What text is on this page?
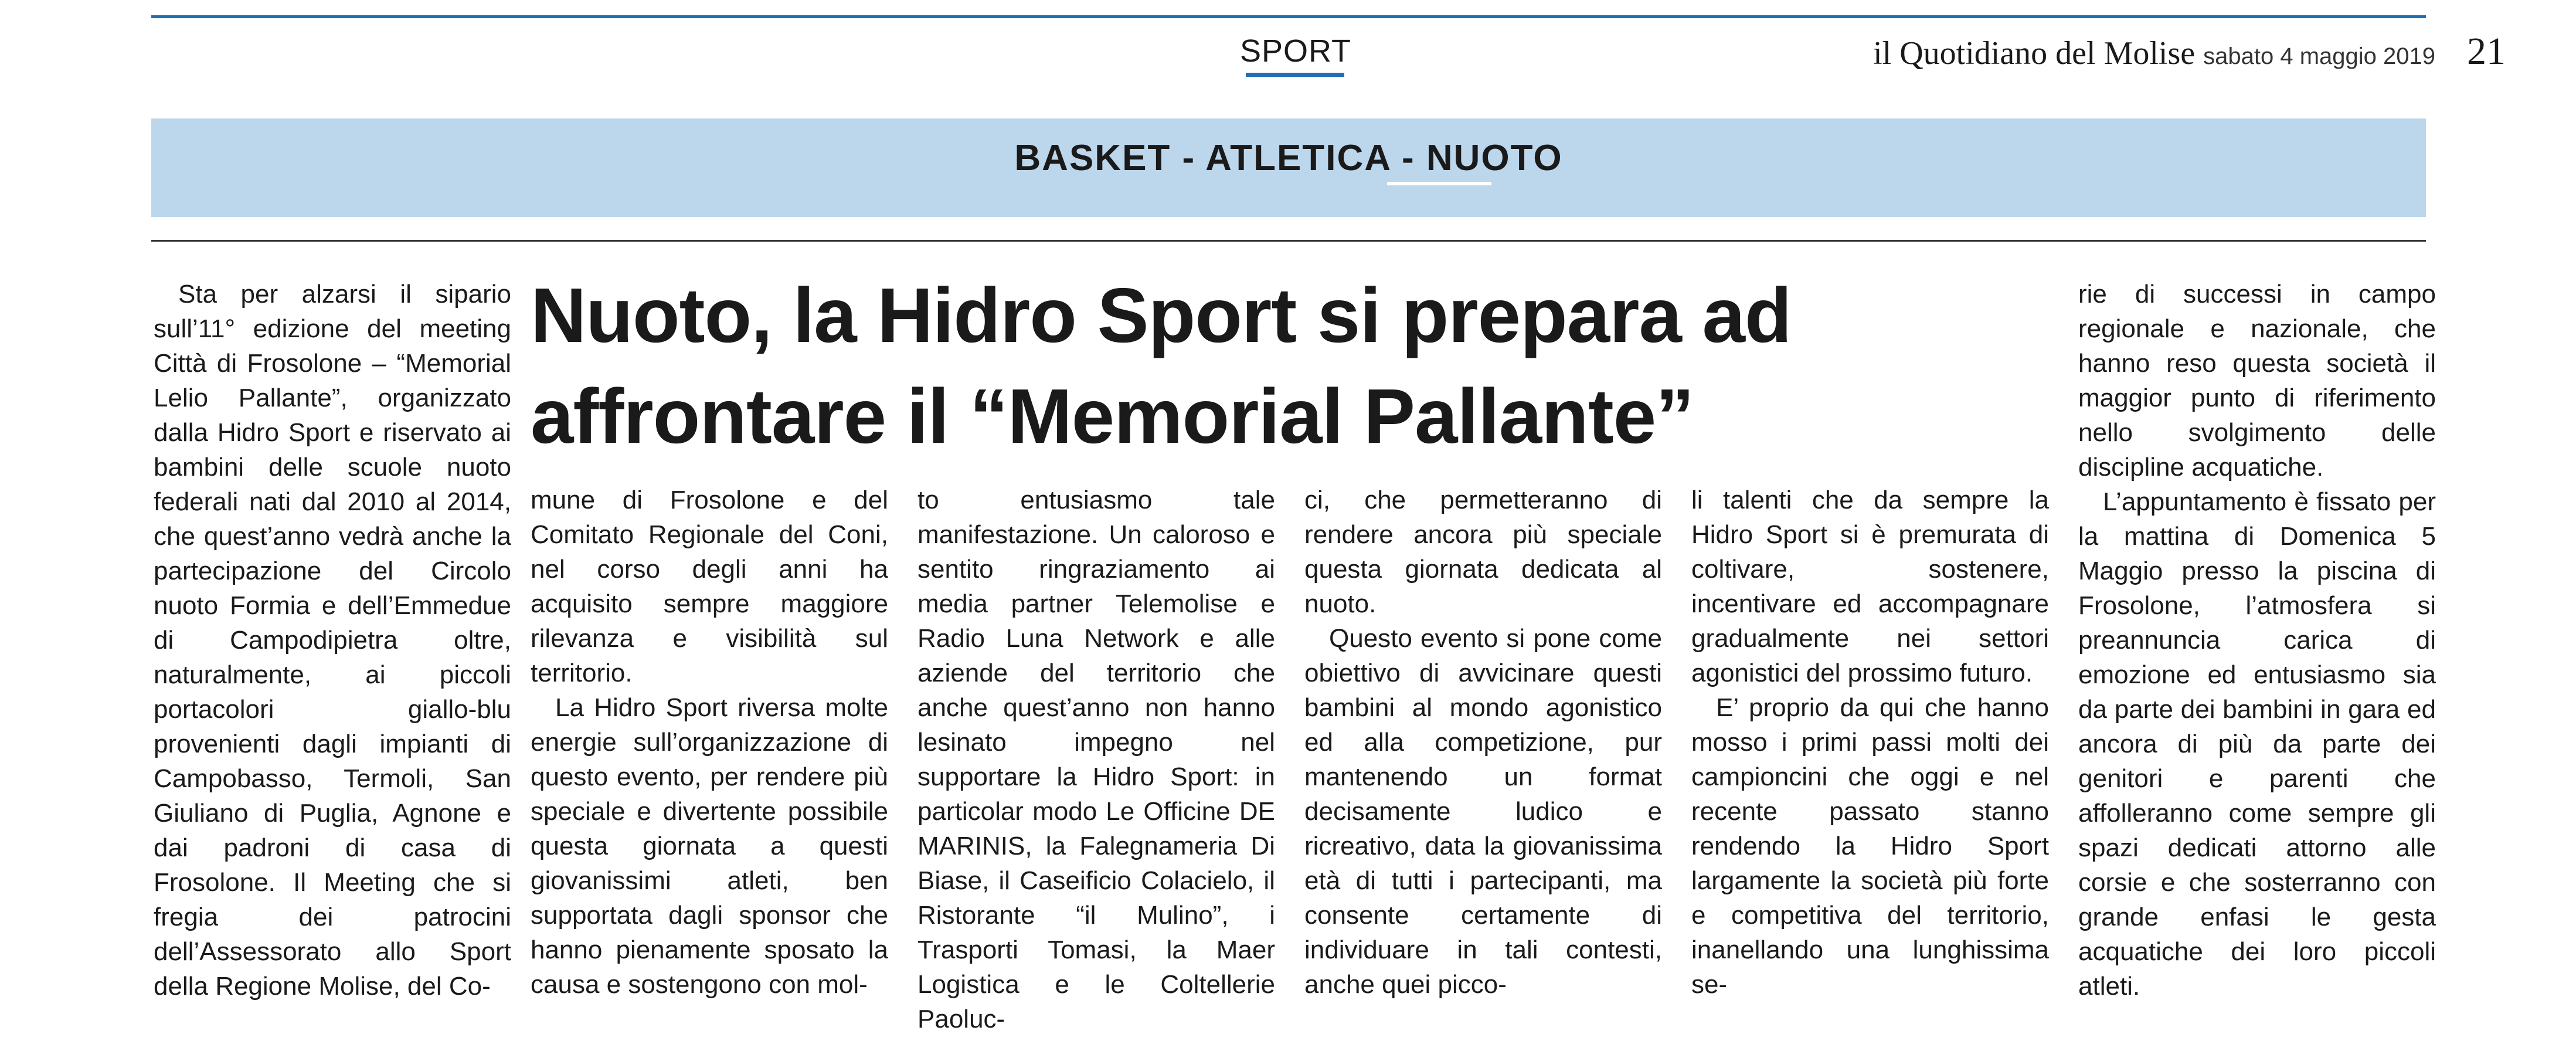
SPORT	il Quotidiano del Molise sabato 4 maggio 2019 21
BASKET - ATLETICA - NUOTO
Nuoto, la Hidro Sport si prepara ad affrontare il “Memorial Pallante”

Sta per alzarsi il sipario sull’11° edizione del meeting Città di Frosolone – “Memorial Lelio Pallante”, organizzato dalla Hidro Sport e riservato ai bambini delle scuole nuoto federali nati dal 2010 al 2014, che quest’anno vedrà anche la partecipazione del Circolo nuoto Formia e dell’Emmedue di Campodipietra oltre, naturalmente, ai piccoli portacolori giallo-blu provenienti dagli impianti di Campobasso, Termoli, San Giuliano di Puglia, Agnone e dai padroni di casa di Frosolone. Il Meeting che si fregia dei patrocini dell’Assessorato allo Sport della Regione Molise, del Co-

mune di Frosolone e del Comitato Regionale del Coni, nel corso degli anni ha acquisito sempre maggiore rilevanza e visibilità sul territorio.

La Hidro Sport riversa molte energie sull’organizzazione di questo evento, per rendere più speciale e divertente possibile questa giornata a questi giovanissimi atleti, ben supportata dagli sponsor che hanno pienamente sposato la causa e sostengono con mol-

to entusiasmo tale manifestazione. Un caloroso e sentito ringraziamento ai media partner Telemolise e Radio Luna Network e alle aziende del territorio che anche quest’anno non hanno lesinato impegno nel supportare la Hidro Sport: in particolar modo Le Officine DE MARINIS, la Falegnameria Di Biase, il Caseificio Colacielo, il Ristorante “il Mulino”, i Trasporti Tomasi, la Maer Logistica e le Coltellerie Paoluc-

ci, che permetteranno di rendere ancora più speciale questa giornata dedicata al nuoto.

Questo evento si pone come obiettivo di avvicinare questi bambini al mondo agonistico ed alla competizione, pur mantenendo un format decisamente ludico e ricreativo, data la giovanissima età di tutti i partecipanti, ma consente certamente di individuare in tali contesti, anche quei picco-

li talenti che da sempre la Hidro Sport si è premurata di coltivare, sostenere, incentivare ed accompagnare gradualmente nei settori agonistici del prossimo futuro.

E’ proprio da qui che hanno mosso i primi passi molti dei campioncini che oggi e nel recente passato stanno rendendo la Hidro Sport largamente la società più forte e competitiva del territorio, inanellando una lunghissima se-

rie di successi in campo regionale e nazionale, che hanno reso questa società il maggior punto di riferimento nello svolgimento delle discipline acquatiche.

L’appuntamento è fissato per la mattina di Domenica 5 Maggio presso la piscina di Frosolone, l’atmosfera si preannuncia carica di emozione ed entusiasmo sia da parte dei bambini in gara ed ancora di più da parte dei genitori e parenti che affolleranno come sempre gli spazi dedicati attorno alle corsie e che sosterranno con grande enfasi le gesta acquatiche dei loro piccoli atleti.
